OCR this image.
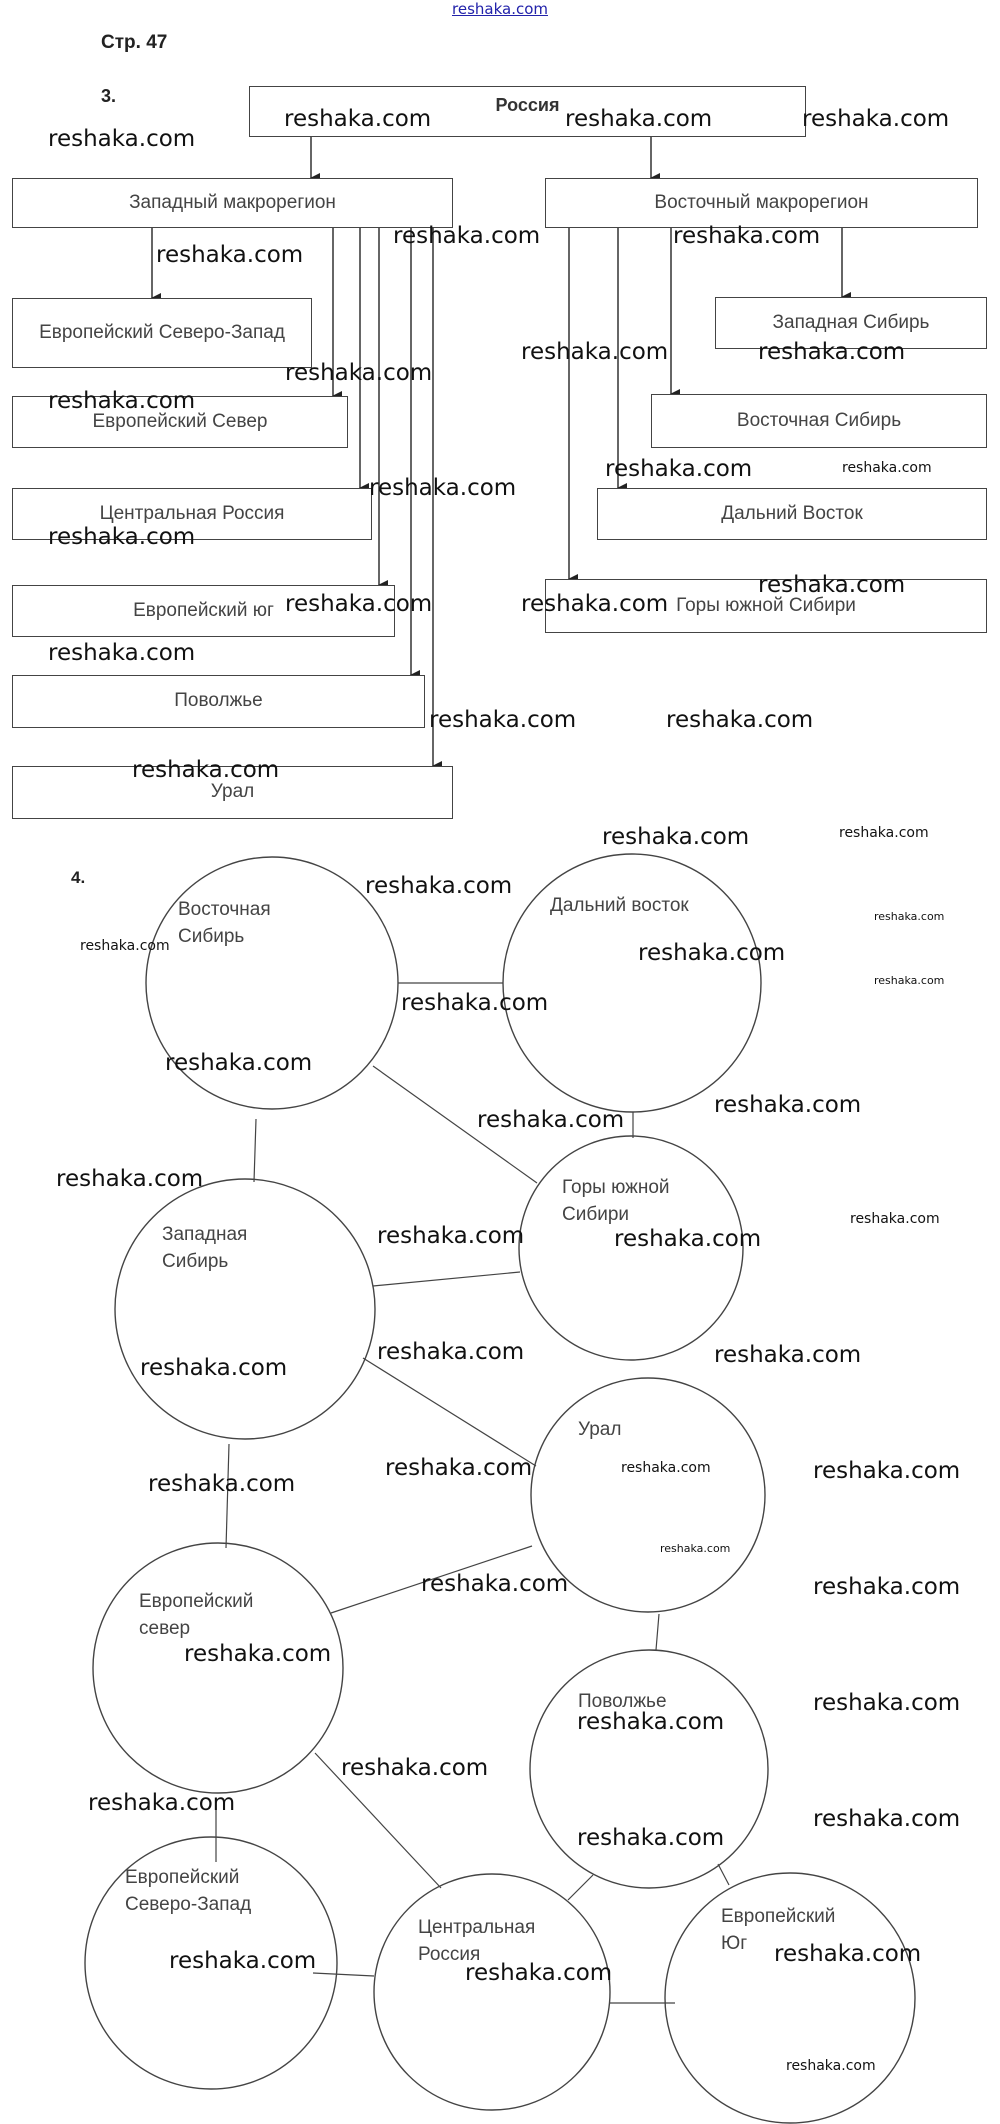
reshaka.com
Стр. 47
3.	Россия
Западный макрорегион	Восточный макрорегион
Европейский Северо-Запад
Европейский Север
Центральная Россия
Европейский юг
Поволжье
Урал
Западная Сибирь
Восточная Сибирь
Дальний Восток
Горы южной Сибири
4.
Восточная Сибирь
Дальний восток
Горы южной Сибири
Западная Сибирь
Урал
Европейский север
Поволжье
Европейский Северо-Запад
Центральная Россия
Европейский Юг
reshaka.com
reshaka.com	reshaka.com	reshaka.com
reshaka.com
reshaka.com	reshaka.com
reshaka.com
reshaka.com
reshaka.com	reshaka.com
reshaka.com
reshaka.com	reshaka.com
reshaka.com
reshaka.com	reshaka.com
reshaka.com
reshaka.com
reshaka.com	reshaka.com
reshaka.com
reshaka.com	reshaka.com
reshaka.com
reshaka.com
reshaka.com
reshaka.com
reshaka.com
reshaka.com
reshaka.com
reshaka.com
reshaka.com
reshaka.com
reshaka.com
reshaka.com	reshaka.com
reshaka.com	reshaka.com
reshaka.com
reshaka.com	reshaka.com
reshaka.com
reshaka.com
reshaka.com
reshaka.com	reshaka.com
reshaka.com
reshaka.com
reshaka.com
reshaka.com
reshaka.com
reshaka.com
reshaka.com
reshaka.com
reshaka.com	reshaka.com
reshaka.com
